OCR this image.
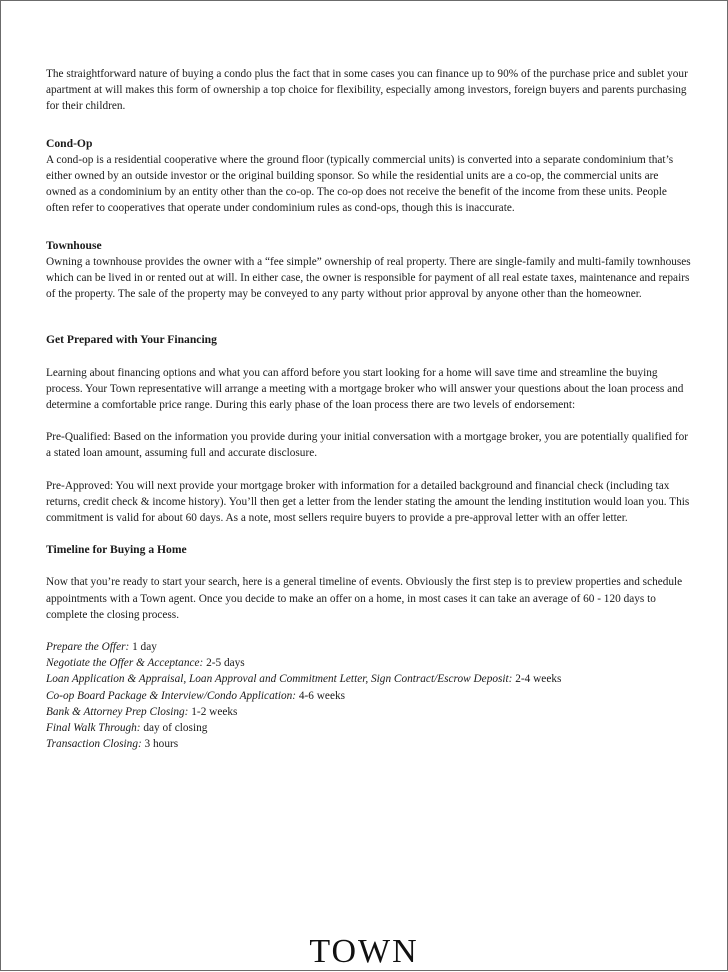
The straightforward nature of buying a condo plus the fact that in some cases you can finance up to 90% of the purchase price and sublet your apartment at will makes this form of ownership a top choice for flexibility, especially among investors, foreign buyers and parents purchasing for their children.

Cond-Op

A cond-op is a residential cooperative where the ground floor (typically commercial units) is converted into a separate condominium that’s either owned by an outside investor or the original building sponsor. So while the residential units are a co-op, the commercial units are owned as a condominium by an entity other than the co-op. The co-op does not receive the benefit of the income from these units. People often refer to cooperatives that operate under condominium rules as cond-ops, though this is inaccurate.

Townhouse

Owning a townhouse provides the owner with a “fee simple” ownership of real property. There are single-family and multi-family townhouses which can be lived in or rented out at will. In either case, the owner is responsible for payment of all real estate taxes, maintenance and repairs of the property. The sale of the property may be conveyed to any party without prior approval by anyone other than the homeowner.

Get Prepared with Your Financing

Learning about financing options and what you can afford before you start looking for a home will save time and streamline the buying process. Your Town representative will arrange a meeting with a mortgage broker who will answer your questions about the loan process and determine a comfortable price range. During this early phase of the loan process there are two levels of endorsement:

Pre-Qualified: Based on the information you provide during your initial conversation with a mortgage broker, you are potentially qualified for a stated loan amount, assuming full and accurate disclosure.

Pre-Approved: You will next provide your mortgage broker with information for a detailed background and financial check (including tax returns, credit check & income history). You’ll then get a letter from the lender stating the amount the lending institution would loan you. This commitment is valid for about 60 days. As a note, most sellers require buyers to provide a pre-approval letter with an offer letter.

Timeline for Buying a Home

Now that you’re ready to start your search, here is a general timeline of events. Obviously the first step is to preview properties and schedule appointments with a Town agent. Once you decide to make an offer on a home, in most cases it can take an average of 60 - 120 days to complete the closing process.

Prepare the Offer: 1 day
Negotiate the Offer & Acceptance: 2-5 days
Loan Application & Appraisal, Loan Approval and Commitment Letter, Sign Contract/Escrow Deposit: 2-4 weeks
Co-op Board Package & Interview/Condo Application: 4-6 weeks
Bank & Attorney Prep Closing: 1-2 weeks
Final Walk Through: day of closing
Transaction Closing: 3 hours
TOWN
